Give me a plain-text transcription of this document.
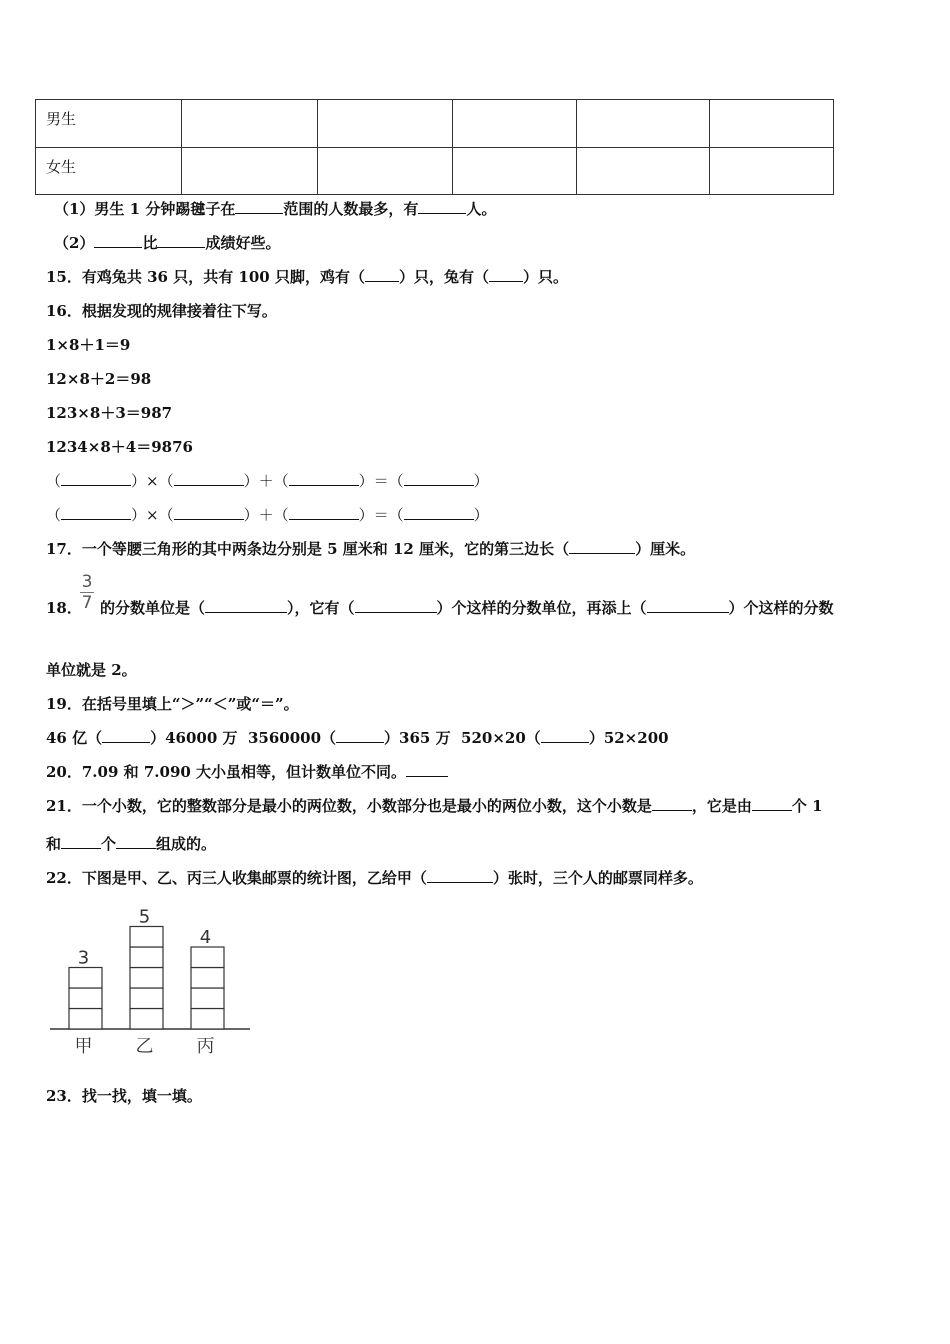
男生					
女生					
（1）男生 1 分钟踢毽子在	范围的人数最多，有	人。
（2）	比	成绩好些。
15．有鸡兔共 36 只，共有 100 只脚，鸡有（ ）只，兔有（ ）只。
16．根据发现的规律接着往下写。
1×8＋1＝9
12×8＋2＝98
123×8＋3＝987
1234×8＋4＝9876
（	）×（	）＋（	）＝（	）
（	）×（	）＋（	）＝（	）
17．一个等腰三角形的其中两条边分别是 5 厘米和 12 厘米，它的第三边长（	）厘米。
18．
3
7 的分数单位是（	），它有（	）个这样的分数单位，再添上（	）个这样的分数
单位就是 2。
19．在括号里填上“＞”“＜”或“＝”。
46 亿（	）46000 万 3560000（	）365 万 520×20（	）52×200
20．7.09 和 7.090 大小虽相等，但计数单位不同。
21．一个小数，它的整数部分是最小的两位数，小数部分也是最小的两位小数，这个小数是	，它是由	个 1
和	个	组成的。
22．下图是甲、乙、丙三人收集邮票的统计图，乙给甲（	）张时，三个人的邮票同样多。
3
甲
5
乙
4
丙
23．找一找，填一填。
